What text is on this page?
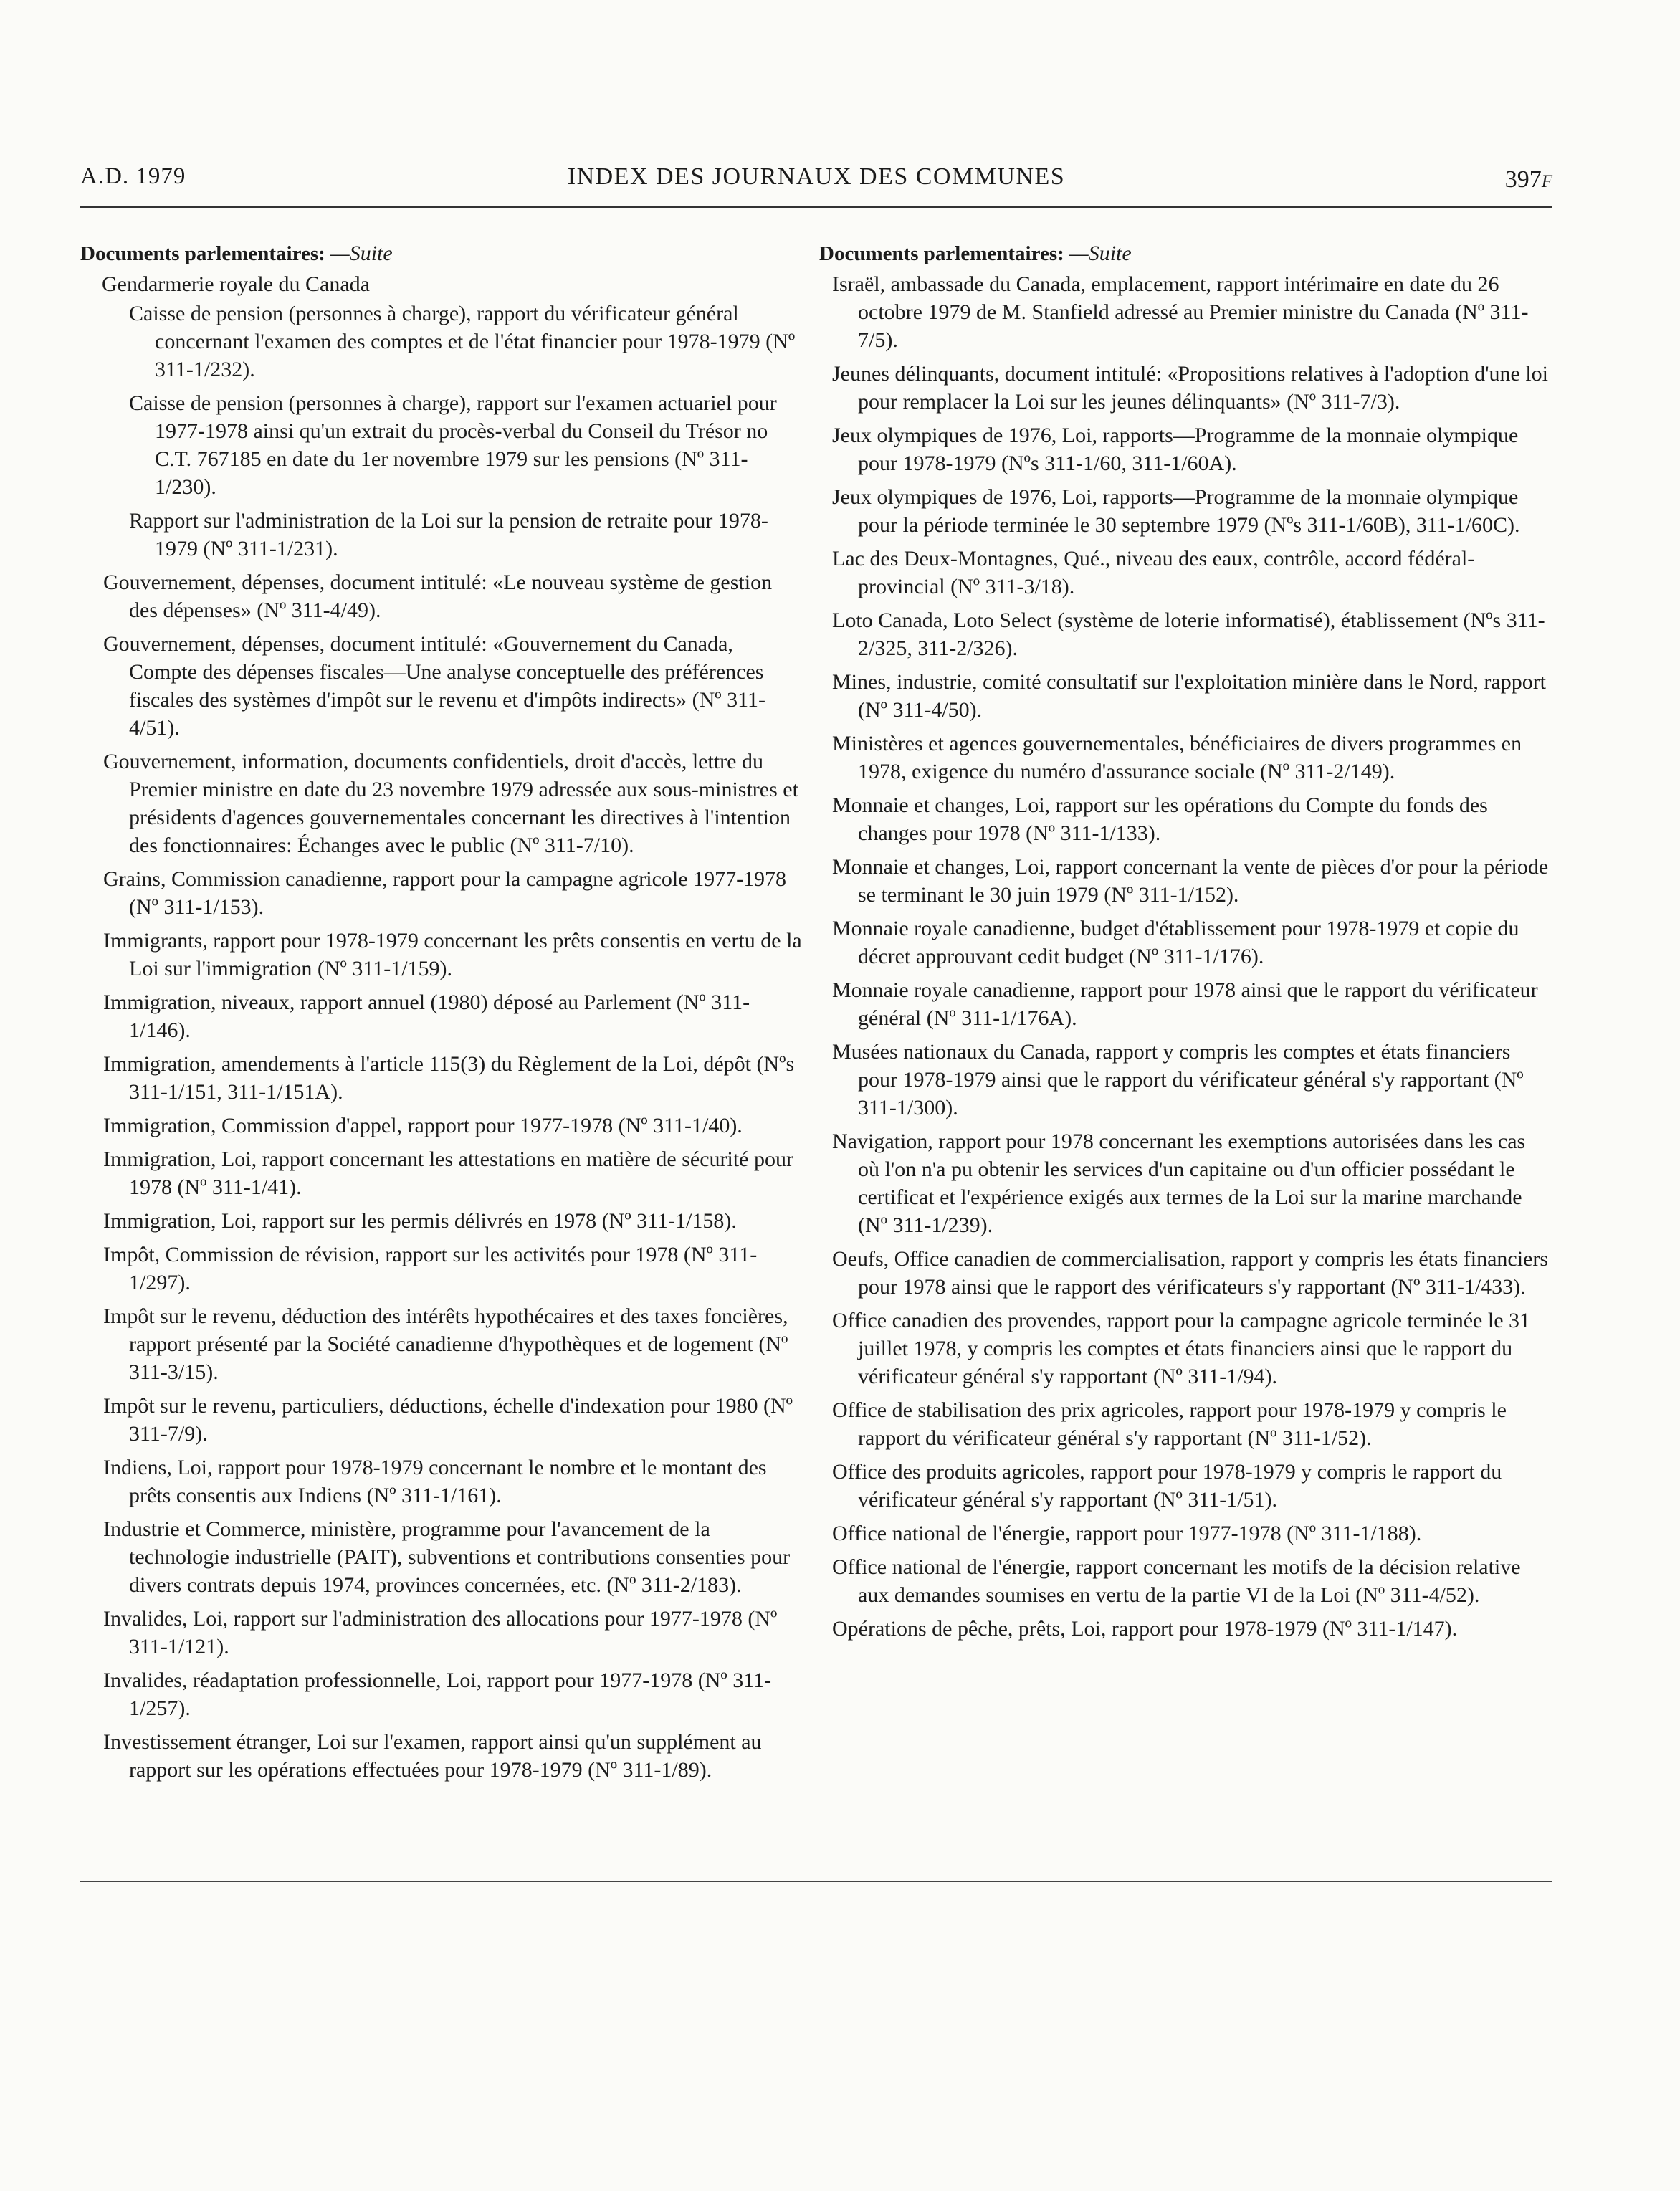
A.D. 1979	INDEX DES JOURNAUX DES COMMUNES	397F
Documents parlementaires: —Suite
Gendarmerie royale du Canada
Caisse de pension (personnes à charge), rapport du vérificateur général concernant l'examen des comptes et de l'état financier pour 1978-1979 (Nº 311-1/232).
Caisse de pension (personnes à charge), rapport sur l'examen actuariel pour 1977-1978 ainsi qu'un extrait du procès-verbal du Conseil du Trésor no C.T. 767185 en date du 1er novembre 1979 sur les pensions (Nº 311-1/230).
Rapport sur l'administration de la Loi sur la pension de retraite pour 1978-1979 (Nº 311-1/231).
Gouvernement, dépenses, document intitulé: «Le nouveau système de gestion des dépenses» (Nº 311-4/49).
Gouvernement, dépenses, document intitulé: «Gouvernement du Canada, Compte des dépenses fiscales—Une analyse conceptuelle des préférences fiscales des systèmes d'impôt sur le revenu et d'impôts indirects» (Nº 311-4/51).
Gouvernement, information, documents confidentiels, droit d'accès, lettre du Premier ministre en date du 23 novembre 1979 adressée aux sous-ministres et présidents d'agences gouvernementales concernant les directives à l'intention des fonctionnaires: Échanges avec le public (Nº 311-7/10).
Grains, Commission canadienne, rapport pour la campagne agricole 1977-1978 (Nº 311-1/153).
Immigrants, rapport pour 1978-1979 concernant les prêts consentis en vertu de la Loi sur l'immigration (Nº 311-1/159).
Immigration, niveaux, rapport annuel (1980) déposé au Parlement (Nº 311-1/146).
Immigration, amendements à l'article 115(3) du Règlement de la Loi, dépôt (Nºs 311-1/151, 311-1/151A).
Immigration, Commission d'appel, rapport pour 1977-1978 (Nº 311-1/40).
Immigration, Loi, rapport concernant les attestations en matière de sécurité pour 1978 (Nº 311-1/41).
Immigration, Loi, rapport sur les permis délivrés en 1978 (Nº 311-1/158).
Impôt, Commission de révision, rapport sur les activités pour 1978 (Nº 311-1/297).
Impôt sur le revenu, déduction des intérêts hypothécaires et des taxes foncières, rapport présenté par la Société canadienne d'hypothèques et de logement (Nº 311-3/15).
Impôt sur le revenu, particuliers, déductions, échelle d'indexation pour 1980 (Nº 311-7/9).
Indiens, Loi, rapport pour 1978-1979 concernant le nombre et le montant des prêts consentis aux Indiens (Nº 311-1/161).
Industrie et Commerce, ministère, programme pour l'avancement de la technologie industrielle (PAIT), subventions et contributions consenties pour divers contrats depuis 1974, provinces concernées, etc. (Nº 311-2/183).
Invalides, Loi, rapport sur l'administration des allocations pour 1977-1978 (Nº 311-1/121).
Invalides, réadaptation professionnelle, Loi, rapport pour 1977-1978 (Nº 311-1/257).
Investissement étranger, Loi sur l'examen, rapport ainsi qu'un supplément au rapport sur les opérations effectuées pour 1978-1979 (Nº 311-1/89).
Documents parlementaires: —Suite
Israël, ambassade du Canada, emplacement, rapport intérimaire en date du 26 octobre 1979 de M. Stanfield adressé au Premier ministre du Canada (Nº 311-7/5).
Jeunes délinquants, document intitulé: «Propositions relatives à l'adoption d'une loi pour remplacer la Loi sur les jeunes délinquants» (Nº 311-7/3).
Jeux olympiques de 1976, Loi, rapports—Programme de la monnaie olympique pour 1978-1979 (Nºs 311-1/60, 311-1/60A).
Jeux olympiques de 1976, Loi, rapports—Programme de la monnaie olympique pour la période terminée le 30 septembre 1979 (Nºs 311-1/60B), 311-1/60C).
Lac des Deux-Montagnes, Qué., niveau des eaux, contrôle, accord fédéral-provincial (Nº 311-3/18).
Loto Canada, Loto Select (système de loterie informatisé), établissement (Nºs 311-2/325, 311-2/326).
Mines, industrie, comité consultatif sur l'exploitation minière dans le Nord, rapport (Nº 311-4/50).
Ministères et agences gouvernementales, bénéficiaires de divers programmes en 1978, exigence du numéro d'assurance sociale (Nº 311-2/149).
Monnaie et changes, Loi, rapport sur les opérations du Compte du fonds des changes pour 1978 (Nº 311-1/133).
Monnaie et changes, Loi, rapport concernant la vente de pièces d'or pour la période se terminant le 30 juin 1979 (Nº 311-1/152).
Monnaie royale canadienne, budget d'établissement pour 1978-1979 et copie du décret approuvant cedit budget (Nº 311-1/176).
Monnaie royale canadienne, rapport pour 1978 ainsi que le rapport du vérificateur général (Nº 311-1/176A).
Musées nationaux du Canada, rapport y compris les comptes et états financiers pour 1978-1979 ainsi que le rapport du vérificateur général s'y rapportant (Nº 311-1/300).
Navigation, rapport pour 1978 concernant les exemptions autorisées dans les cas où l'on n'a pu obtenir les services d'un capitaine ou d'un officier possédant le certificat et l'expérience exigés aux termes de la Loi sur la marine marchande (Nº 311-1/239).
Oeufs, Office canadien de commercialisation, rapport y compris les états financiers pour 1978 ainsi que le rapport des vérificateurs s'y rapportant (Nº 311-1/433).
Office canadien des provendes, rapport pour la campagne agricole terminée le 31 juillet 1978, y compris les comptes et états financiers ainsi que le rapport du vérificateur général s'y rapportant (Nº 311-1/94).
Office de stabilisation des prix agricoles, rapport pour 1978-1979 y compris le rapport du vérificateur général s'y rapportant (Nº 311-1/52).
Office des produits agricoles, rapport pour 1978-1979 y compris le rapport du vérificateur général s'y rapportant (Nº 311-1/51).
Office national de l'énergie, rapport pour 1977-1978 (Nº 311-1/188).
Office national de l'énergie, rapport concernant les motifs de la décision relative aux demandes soumises en vertu de la partie VI de la Loi (Nº 311-4/52).
Opérations de pêche, prêts, Loi, rapport pour 1978-1979 (Nº 311-1/147).
